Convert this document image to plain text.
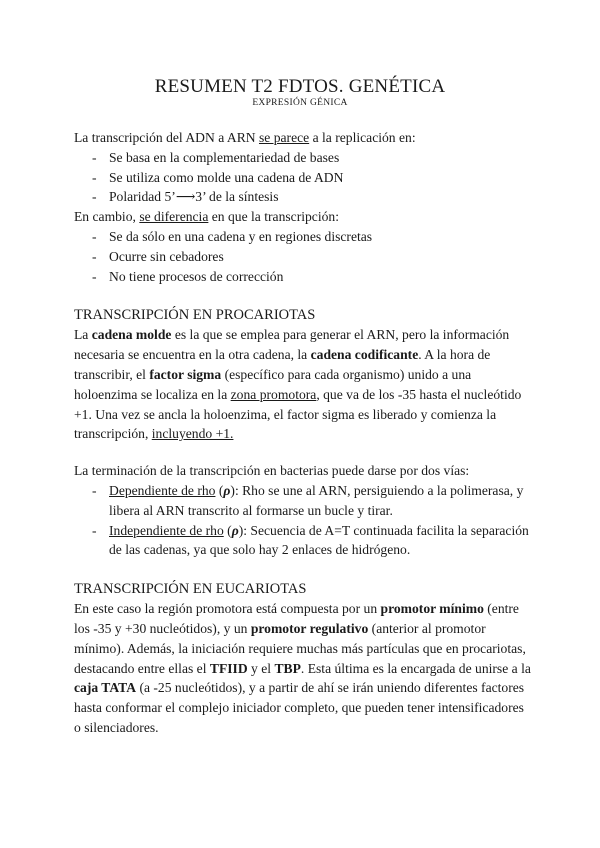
RESUMEN T2 FDTOS. GENÉTICA
EXPRESIÓN GÉNICA

La transcripción del ADN a ARN se parece a la replicación en:

- Se basa en la complementariedad de bases
- Se utiliza como molde una cadena de ADN
- Polaridad 5’⟶3’ de la síntesis

En cambio, se diferencia en que la transcripción:

- Se da sólo en una cadena y en regiones discretas
- Ocurre sin cebadores
- No tiene procesos de corrección
TRANSCRIPCIÓN EN PROCARIOTAS

La cadena molde es la que se emplea para generar el ARN, pero la información necesaria se encuentra en la otra cadena, la cadena codificante. A la hora de transcribir, el factor sigma (específico para cada organismo) unido a una holoenzima se localiza en la zona promotora, que va de los -35 hasta el nucleótido +1. Una vez se ancla la holoenzima, el factor sigma es liberado y comienza la transcripción, incluyendo +1.

La terminación de la transcripción en bacterias puede darse por dos vías:

- Dependiente de rho (ρ): Rho se une al ARN, persiguiendo a la polimerasa, y libera al ARN transcrito al formarse un bucle y tirar.
- Independiente de rho (ρ): Secuencia de A=T continuada facilita la separación de las cadenas, ya que solo hay 2 enlaces de hidrógeno.
TRANSCRIPCIÓN EN EUCARIOTAS

En este caso la región promotora está compuesta por un promotor mínimo (entre los -35 y +30 nucleótidos), y un promotor regulativo (anterior al promotor mínimo). Además, la iniciación requiere muchas más partículas que en procariotas, destacando entre ellas el TFIID y el TBP. Esta última es la encargada de unirse a la caja TATA (a -25 nucleótidos), y a partir de ahí se irán uniendo diferentes factores hasta conformar el complejo iniciador completo, que pueden tener intensificadores o silenciadores.
